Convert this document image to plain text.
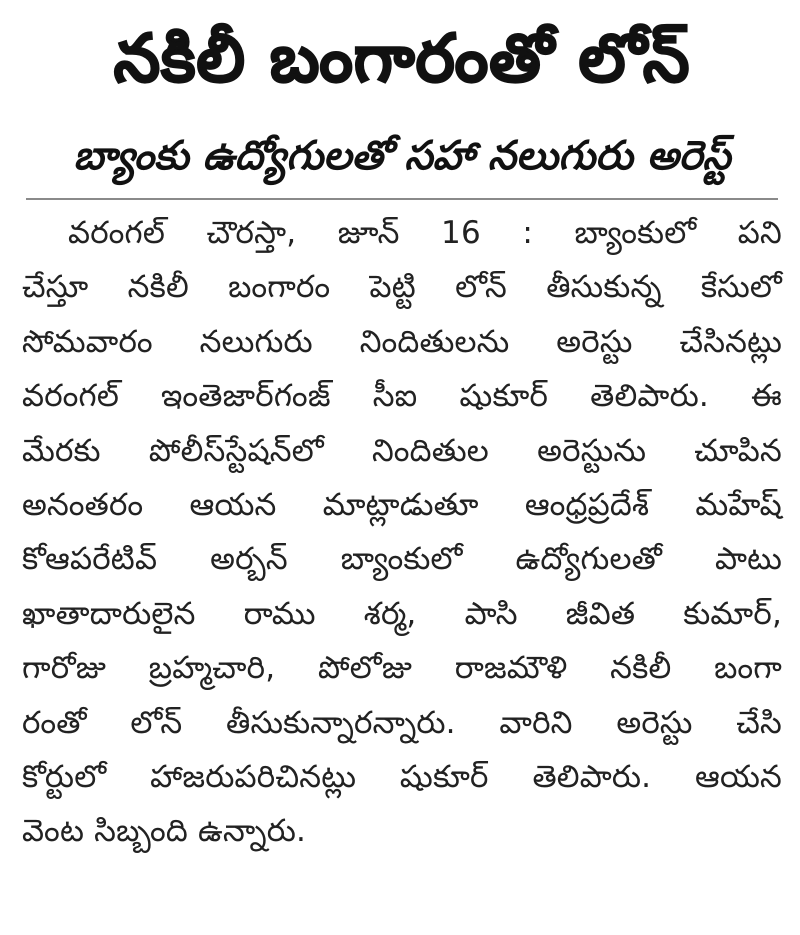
నకిలీ బంగారంతో లోన్
బ్యాంకు ఉద్యోగులతో సహా నలుగురు అరెస్ట్
వరంగల్ చౌరస్తా, జూన్ 16 : బ్యాంకులో పని
చేస్తూ నకిలీ బంగారం పెట్టి లోన్ తీసుకున్న కేసులో
సోమవారం నలుగురు నిందితులను అరెస్టు చేసినట్లు
వరంగల్ ఇంతెజార్‌గంజ్ సీఐ షుకూర్ తెలిపారు. ఈ
మేరకు పోలీస్‌స్టేషన్‌లో నిందితుల అరెస్టును చూపిన
అనంతరం ఆయన మాట్లాడుతూ ఆంధ్రప్రదేశ్ మహేష్
కోఆపరేటివ్ అర్బన్ బ్యాంకులో ఉద్యోగులతో పాటు
ఖాతాదారులైన రాము శర్మ, పాసి జీవిత కుమార్,
గారోజు బ్రహ్మచారి, పోలోజు రాజమౌళి నకిలీ బంగా
రంతో లోన్ తీసుకున్నారన్నారు. వారిని అరెస్టు చేసి
కోర్టులో హాజరుపరిచినట్లు షుకూర్ తెలిపారు. ఆయన
వెంట సిబ్బంది ఉన్నారు.
